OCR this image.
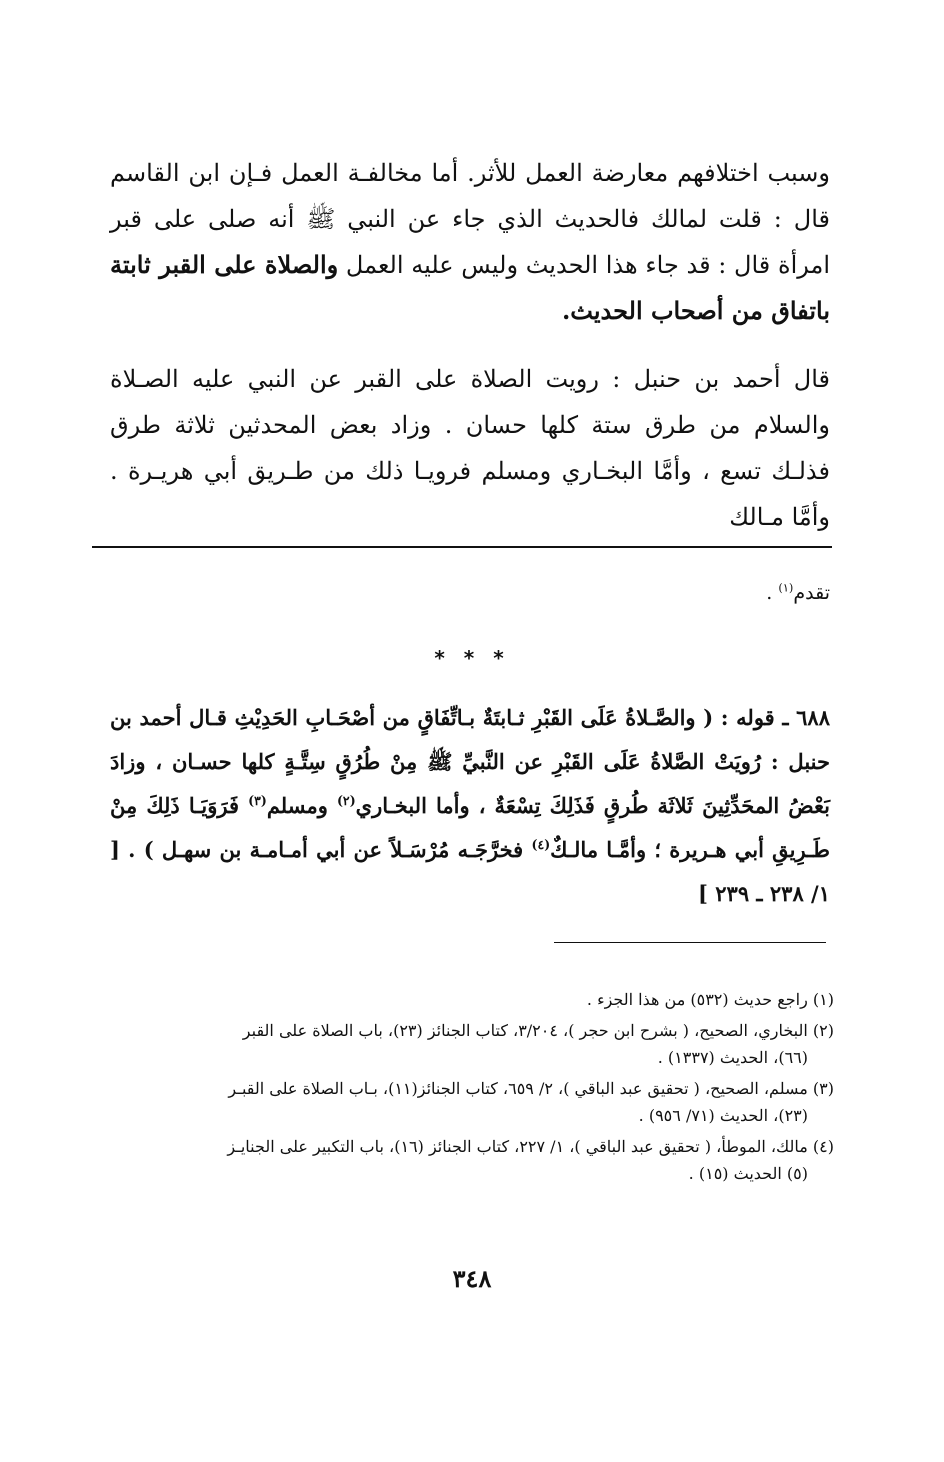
وسبب اختلافهم معارضة العمل للأثر. أما مخالفـة العمل فـإن ابن القاسم قال : قلت لمالك فالحديث الذي جاء عن النبي ﷺ أنه صلى على قبر امرأة قال : قد جاء هذا الحديث وليس عليه العمل والصلاة على القبر ثابتة باتفاق من أصحاب الحديث.

قال أحمد بن حنبل : رويت الصلاة على القبر عن النبي عليه الصـلاة والسلام من طرق ستة كلها حسان . وزاد بعض المحدثين ثلاثة طرق فذلـك تسع ، وأمَّا البخـاري ومسلم فرويـا ذلك من طـريق أبي هريـرة . وأمَّا مـالك

تقدم$^{(١)}$ .
* * *

٦٨٨ ـ قوله : ( والصَّـلاةُ عَلَى القَبْرِ ثـابتَةٌ بـاتِّفَاقٍ من أصْحَـابِ الحَدِيْثِ قـال أحمد بن حنبل : رُويَتْ الصَّلاةُ عَلَى القَبْرِ عن النَّبيِّ ﷺ مِنْ طُرُقٍ سِتَّـةٍ كلها حسـان ، وزادَ بَعْضُ المحَدِّثِينَ ثَلاثَة طُرقٍ فَذَلِكَ تِسْعَةٌ ، وأما البخـاري$^{(٢)}$ ومسلم$^{(٣)}$ فَرَوَيَـا ذَلِكَ مِنْ طَـرِيقِ أبي هـريرة ؛ وأمَّـا مالـكٌ$^{(٤)}$ فخرَّجَـه مُرْسَـلاً عن أبي أمـامـة بن سهـل ) . [ ١/ ٢٣٨ ـ ٢٣٩ ]

(١) راجع حديث (٥٣٢) من هذا الجزء .
(٢) البخاري، الصحيح، ( بشرح ابن حجر )، ٣/٢٠٤، كتاب الجنائز (٢٣)، باب الصلاة على القبر
(٦٦)، الحديث (١٣٣٧) .
(٣) مسلم، الصحيح، ( تحقيق عبد الباقي )، ٢/ ٦٥٩، كتاب الجنائز(١١)، بـاب الصلاة على القبـر
(٢٣)، الحديث (٧١/ ٩٥٦) .
(٤) مالك، الموطأ، ( تحقيق عبد الباقي )، ١/ ٢٢٧، كتاب الجنائز (١٦)، باب التكبير على الجنايـز
(٥) الحديث (١٥) .
٣٤٨
